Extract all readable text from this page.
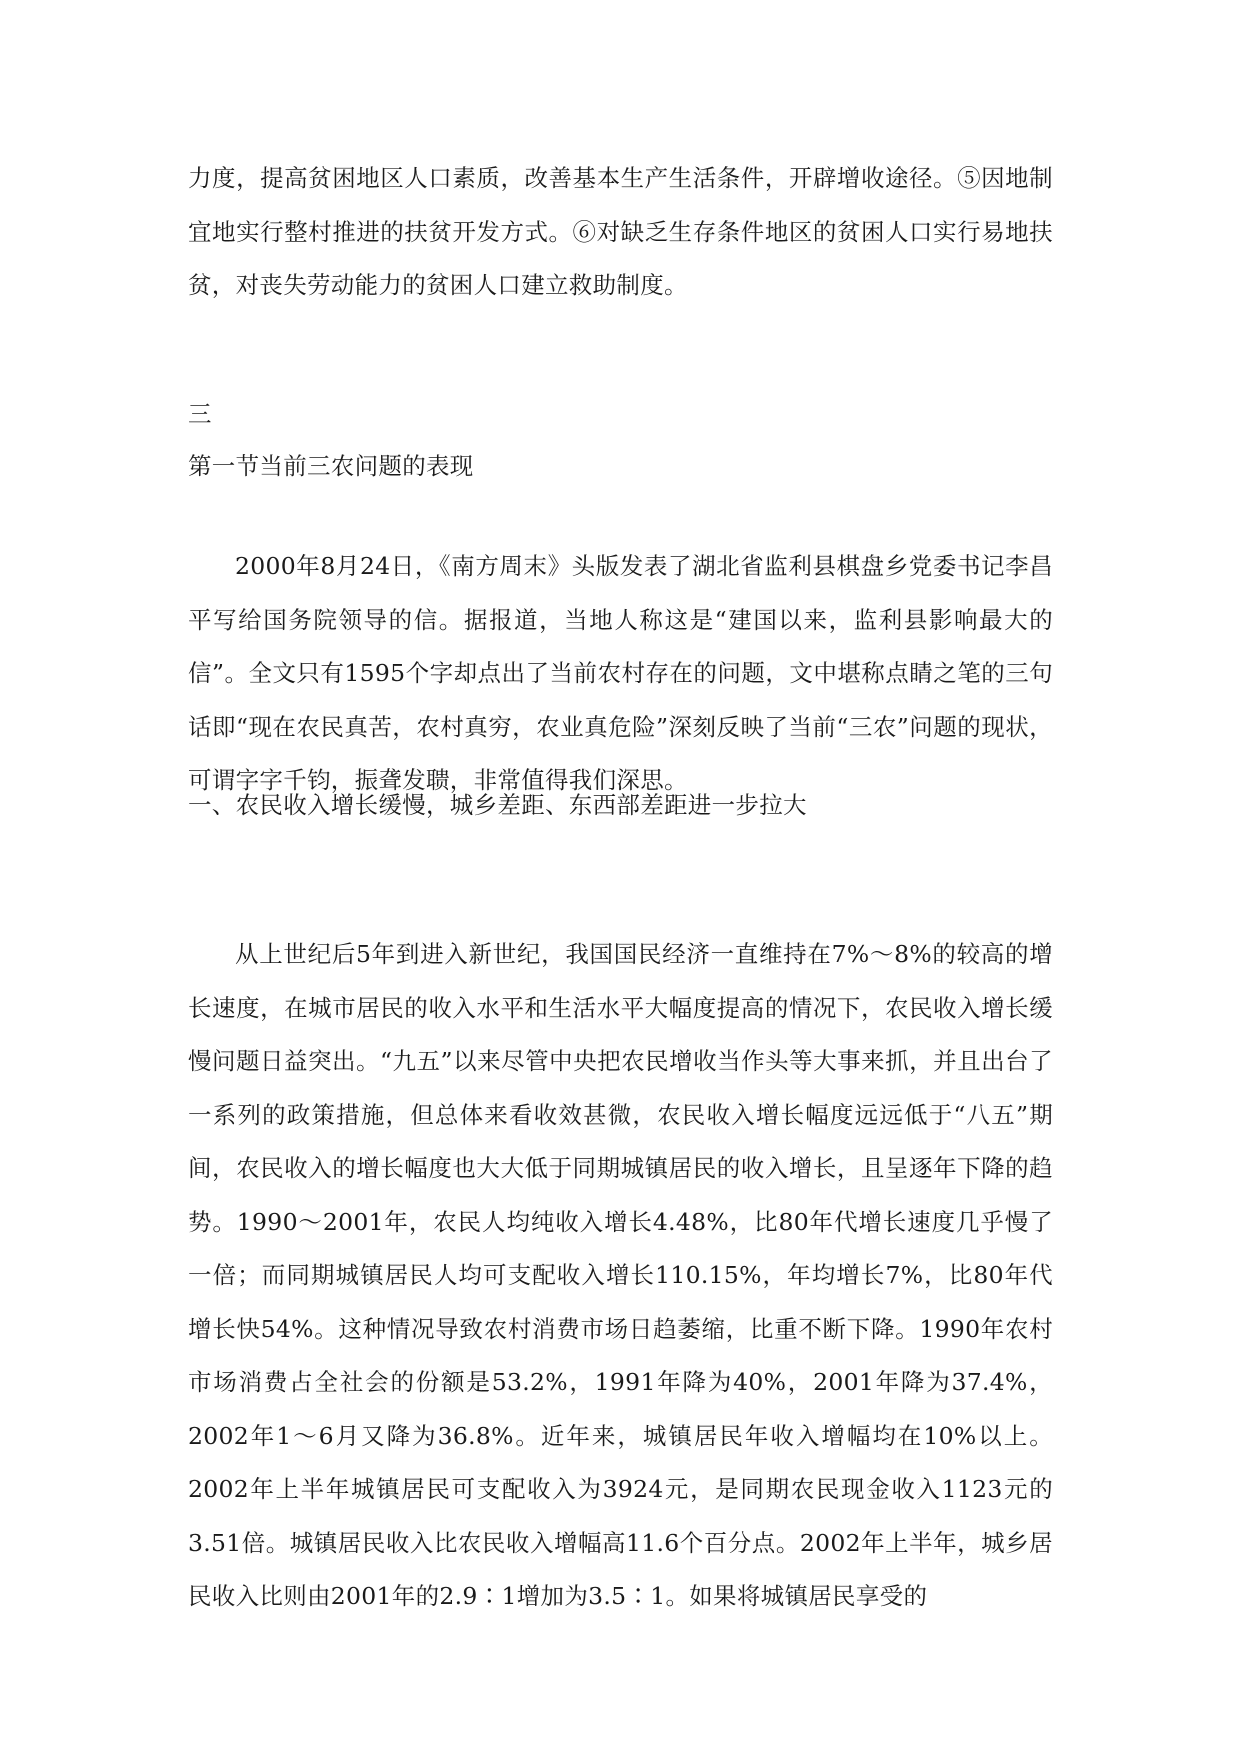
力度，提高贫困地区人口素质，改善基本生产生活条件，开辟增收途径。⑤因地制宜地实行整村推进的扶贫开发方式。⑥对缺乏生存条件地区的贫困人口实行易地扶贫，对丧失劳动能力的贫困人口建立救助制度。

三
第一节当前三农问题的表现

2000年8月24日，《南方周末》头版发表了湖北省监利县棋盘乡党委书记李昌平写给国务院领导的信。据报道，当地人称这是“建国以来，监利县影响最大的信”。全文只有1595个字却点出了当前农村存在的问题，文中堪称点睛之笔的三句话即“现在农民真苦，农村真穷，农业真危险”深刻反映了当前“三农”问题的现状，可谓字字千钧，振聋发聩，非常值得我们深思。

一、农民收入增长缓慢，城乡差距、东西部差距进一步拉大

从上世纪后5年到进入新世纪，我国国民经济一直维持在7%～8%的较高的增长速度，在城市居民的收入水平和生活水平大幅度提高的情况下，农民收入增长缓慢问题日益突出。“九五”以来尽管中央把农民增收当作头等大事来抓，并且出台了一系列的政策措施，但总体来看收效甚微，农民收入增长幅度远远低于“八五”期间，农民收入的增长幅度也大大低于同期城镇居民的收入增长，且呈逐年下降的趋势。1990～2001年，农民人均纯收入增长4.48%，比80年代增长速度几乎慢了一倍；而同期城镇居民人均可支配收入增长110.15%，年均增长7%，比80年代增长快54%。这种情况导致农村消费市场日趋萎缩，比重不断下降。1990年农村市场消费占全社会的份额是53.2%，1991年降为40%，2001年降为37.4%，2002年1～6月又降为36.8%。近年来，城镇居民年收入增幅均在10%以上。2002年上半年城镇居民可支配收入为3924元，是同期农民现金收入1123元的3.51倍。城镇居民收入比农民收入增幅高11.6个百分点。2002年上半年，城乡居民收入比则由2001年的2.9∶1增加为3.5∶1。如果将城镇居民享受的
